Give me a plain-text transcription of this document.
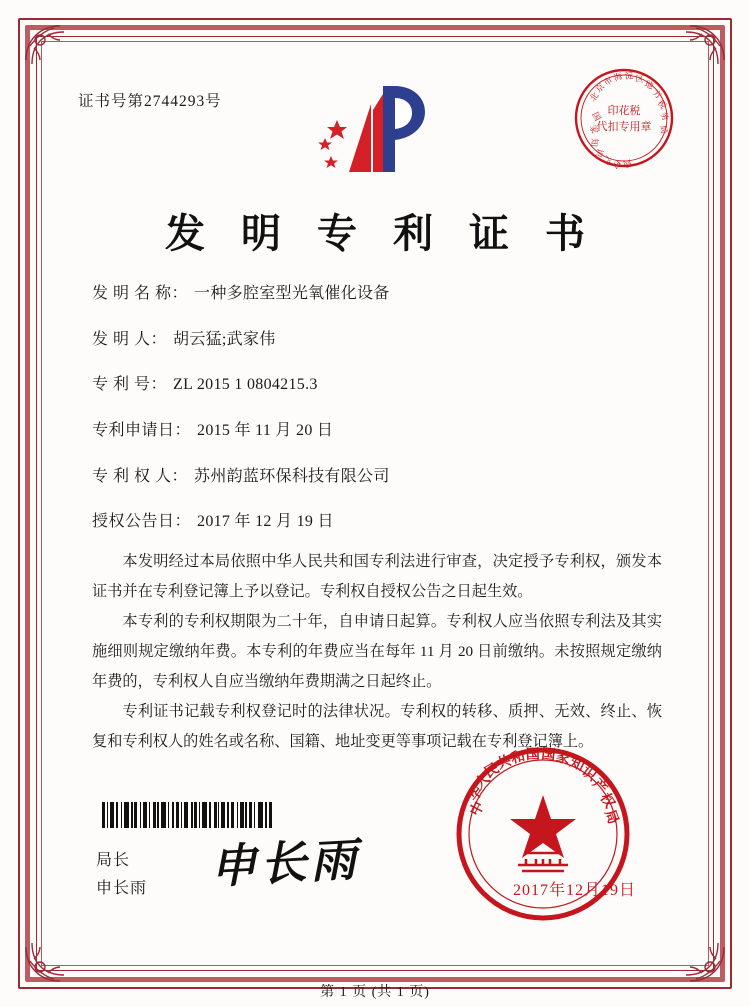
证书号第2744293号
印花税
代扣专用章
北
京
市
海 淀 区
地
方
税
务
局
国
家
知
识
产
权
局
发 明 专 利 证 书
发 明 名 称： 一种多腔室型光氧催化设备
发 明 人： 胡云猛;武家伟
专 利 号： ZL 2015 1 0804215.3
专利申请日： 2015 年 11 月 20 日
专 利 权 人： 苏州韵蓝环保科技有限公司
授权公告日： 2017 年 12 月 19 日

本发明经过本局依照中华人民共和国专利法进行审查，决定授予专利权，颁发本证书并在专利登记簿上予以登记。专利权自授权公告之日起生效。

本专利的专利权期限为二十年，自申请日起算。专利权人应当依照专利法及其实施细则规定缴纳年费。本专利的年费应当在每年 11 月 20 日前缴纳。未按照规定缴纳年费的，专利权人自应当缴纳年费期满之日起终止。

专利证书记载专利权登记时的法律状况。专利权的转移、质押、无效、终止、恢复和专利权人的姓名或名称、国籍、地址变更等事项记载在专利登记簿上。

局长
申长雨 申长雨
中
华
人
民
共
和 国 国
家
知
识
产
权
局
2017年12月19日
第 1 页 (共 1 页)
